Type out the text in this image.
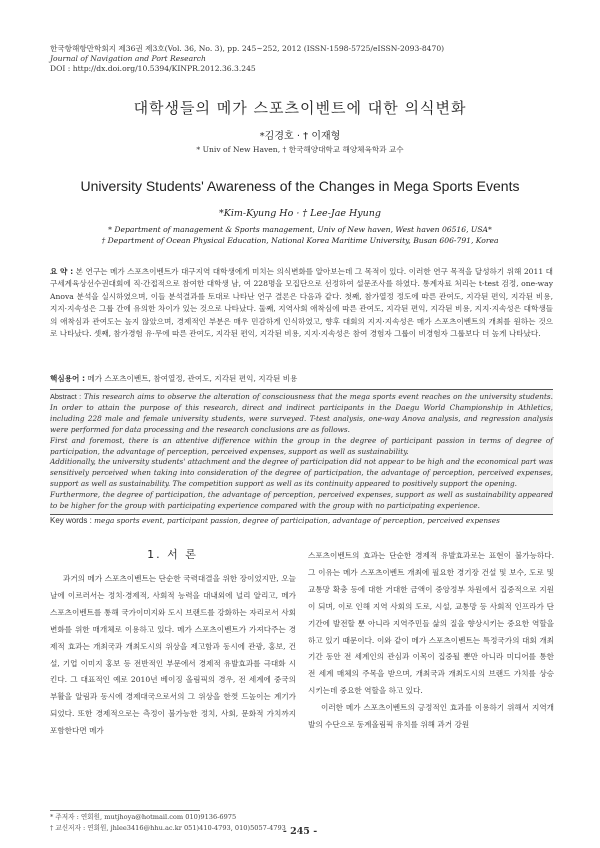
한국항해항만학회지 제36권 제3호(Vol. 36, No. 3), pp. 245~252, 2012 (ISSN-1598-5725/eISSN-2093-8470)
Journal of Navigation and Port Research
DOI : http://dx.doi.org/10.5394/KINPR.2012.36.3.245
대학생들의 메가 스포츠이벤트에 대한 의식변화
*김경호 · † 이재형
* Univ of New Haven, † 한국해양대학교 해양체육학과 교수
University Students' Awareness of the Changes in Mega Sports Events
*Kim-Kyung Ho · † Lee-Jae Hyung
* Department of management & Sports management, Univ of New haven, West haven 06516, USA*
† Department of Ocean Physical Education, National Korea Maritime University, Busan 606-791, Korea
요 약 : 본 연구는 메가 스포츠이벤트가 대구지역 대학생에게 미치는 의식변화를 알아보는데 그 목적이 있다. 이러한 연구 목적을 달성하기 위해 2011 대구세계육상선수권대회에 직·간접적으로 참여한 대학생 남, 여 228명을 모집단으로 선정하여 설문조사를 하였다. 통계자료 처리는 t-test 검정, one-way Anova 분석을 실시하였으며, 이들 분석결과를 토대로 나타난 연구 결론은 다음과 같다. 첫째, 참가열정 정도에 따른 관여도, 지각된 편익, 지각된 비용, 지지·지속성은 그룹 간에 유의한 차이가 있는 것으로 나타났다. 둘째, 지역사회 애착심에 따른 관여도, 지각된 편익, 지각된 비용, 지지·지속성은 대학생들의 애착심과 관여도는 높지 않았으며, 경제적인 부분은 매우 민감하게 인식하였고, 향후 대회의 지지·지속성은 매가 스포츠이벤트의 개최를 원하는 것으로 나타났다. 셋째, 참가경험 유·무에 따른 관여도, 지각된 편익, 지각된 비용, 지지·지속성은 참여 경험자 그룹이 비경험자 그룹보다 더 높게 나타났다.
핵심용어 : 메가 스포츠이벤트, 참여열정, 관여도, 지각된 편익, 지각된 비용

Abstract : This research aims to observe the alteration of consciousness that the mega sports event reaches on the university students. In order to attain the purpose of this research, direct and indirect participants in the Daegu World Championship in Athletics, including 228 male and female university students, were surveyed. T-test analysis, one-way Anova analysis, and regression analysis were performed for data processing and the research conclusions are as follows.

First and foremost, there is an attentive difference within the group in the degree of participant passion in terms of degree of participation, the advantage of perception, perceived expenses, support as well as sustainability.

Additionally, the university students' attachment and the degree of participation did not appear to be high and the economical part was sensitively perceived when taking into consideration of the degree of participation, the advantage of perception, perceived expenses, support as well as sustainability. The competition support as well as its continuity appeared to positively support the opening.

Furthermore, the degree of participation, the advantage of perception, perceived expenses, support as well as sustainability appeared to be higher for the group with participating experience compared with the group with no participating experience.

Key words : mega sports event, participant passion, degree of participation, advantage of perception, perceived expenses
1. 서 론

과거의 메가 스포츠이벤트는 단순한 국력대결을 위한 장이었지만, 오늘날에 이르러서는 정치·경제적, 사회적 능력을 대내외에 널리 알리고, 메가 스포츠이벤트를 통해 국가이미지와 도시 브랜드를 강화하는 자리로서 사회변화를 위한 매개체로 이용하고 있다. 메가 스포츠이벤트가 가져다주는 경제적 효과는 개최국과 개최도시의 위상을 제고함과 동시에 관광, 홍보, 건설, 기업 이미지 홍보 등 전반적인 부문에서 경제적 유발효과를 극대화 시킨다. 그 대표적인 예로 2010년 베이징 올림픽의 경우, 전 세계에 중국의 부활을 알림과 동시에 경제대국으로서의 그 위상을 한껏 드높이는 계기가 되었다. 또한 경제적으로는 측정이 불가능한 정치, 사회, 문화적 가치까지 포함한다면 메가

스포츠이벤트의 효과는 단순한 경제적 유발효과로는 표현이 불가능하다. 그 이유는 메가 스포츠이벤트 개최에 필요한 경기장 건설 및 보수, 도로 및 교통망 확충 등에 대한 거대한 금액이 중앙정부 차원에서 집중적으로 지원이 되며, 이로 인해 지역 사회의 도로, 시설, 교통망 등 사회적 인프라가 단기간에 발전할 뿐 아니라 지역주민들 삶의 질을 향상시키는 중요한 역할을 하고 있기 때문이다. 이와 같이 메가 스포츠이벤트는 특정국가의 대회 개최 기간 동안 전 세계인의 관심과 이목이 집중될 뿐만 아니라 미디어를 통한 전 세계 매체의 주목을 받으며, 개최국과 개최도시의 브랜드 가치를 상승 시키는데 중요한 역할을 하고 있다.

이러한 메가 스포츠이벤트의 긍정적인 효과를 이용하기 위해서 지역개발의 수단으로 동계올림픽 유치를 위해 과거 강원

* 주저자 : 연회원, mutjhoya@hotmail.com 010)9136-6975
† 교신저자 : 연회원, jhlee3416@hhu.ac.kr 051)410-4793, 010)5057-4793
- 245 -
